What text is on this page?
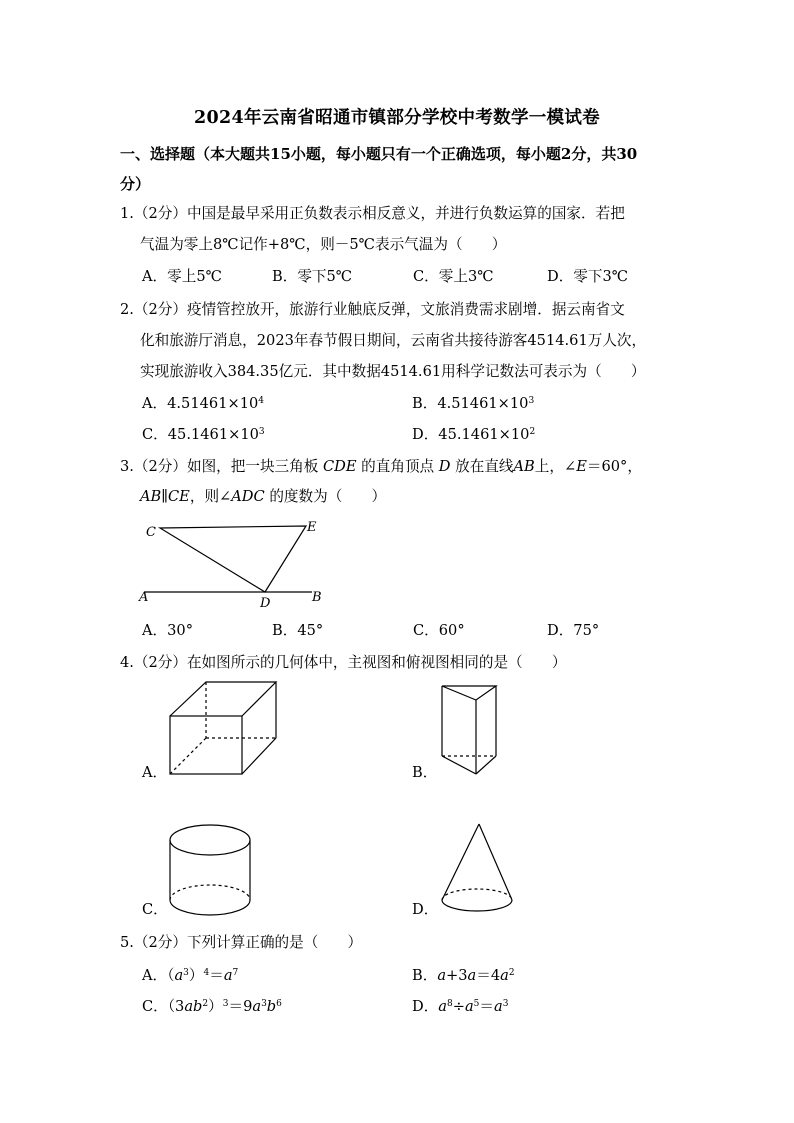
2024年云南省昭通市镇部分学校中考数学一模试卷
一、选择题（本大题共15小题，每小题只有一个正确选项，每小题2分，共30
分）
1.（2分）中国是最早采用正负数表示相反意义，并进行负数运算的国家．若把
气温为零上8℃记作+8℃，则－5℃表示气温为（　　）
A．零上5℃	B．零下5℃	C．零上3℃	D．零下3℃
2.（2分）疫情管控放开，旅游行业触底反弹，文旅消费需求剧增．据云南省文
化和旅游厅消息，2023年春节假日期间，云南省共接待游客4514.61万人次，
实现旅游收入384.35亿元．其中数据4514.61用科学记数法可表示为（　　）
A．$4.51461\times 10^4$	B．$4.51461\times 10^3$
C．$45.1461\times 10^3$	D．$45.1461\times 10^2$
3.（2分）如图，把一块三角板 CDE 的直角顶点 D 放在直线AB上，∠E＝60°，
AB∥CE，则∠ADC 的度数为（　　）
C	E
A	D	B
A．30°	B．45°	C．60°	D．75°
4.（2分）在如图所示的几何体中，主视图和俯视图相同的是（　　）
A．	B．
C．	D．
5.（2分）下列计算正确的是（　　）
A．$(a^3)^4=a^7$	B．$a+3a=4a^2$
C．$(3ab^2)^3=9a^3b^6$	D．$a^8\div a^5=a^3$
